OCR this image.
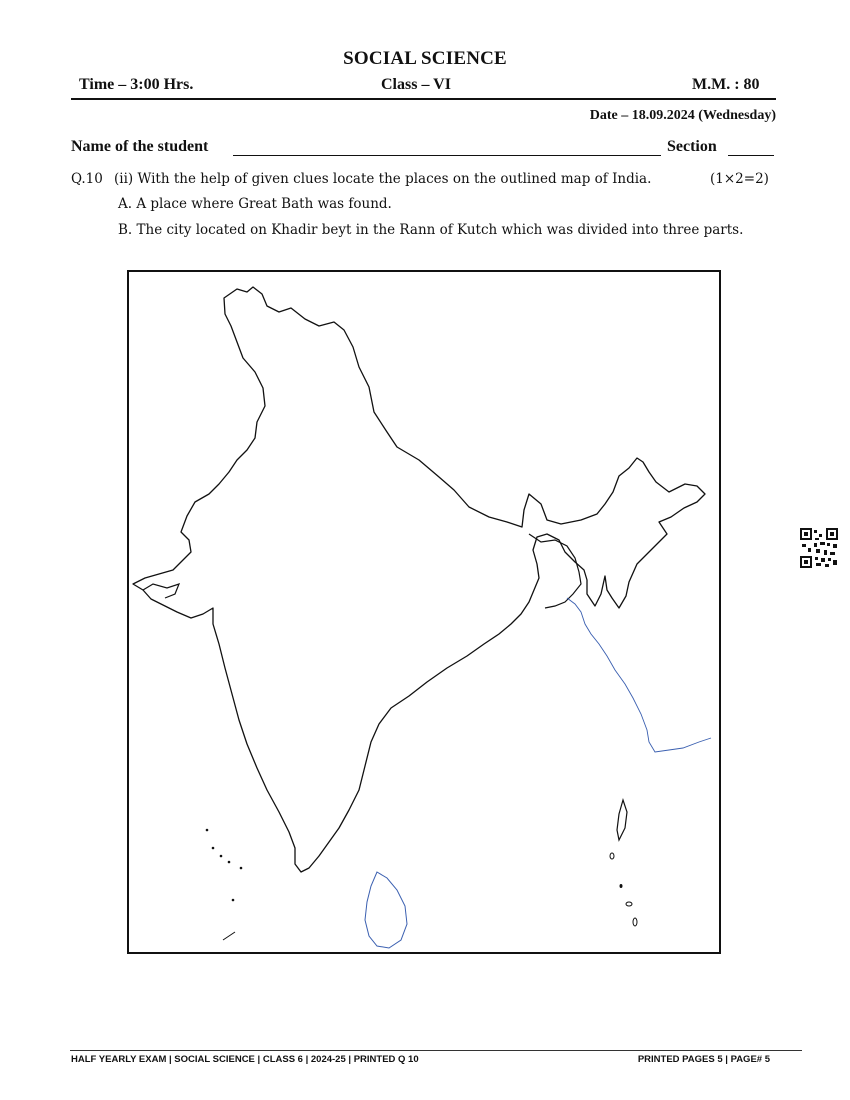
SOCIAL SCIENCE
Time – 3:00 Hrs.	Class – VI	M.M. : 80
Date – 18.09.2024 (Wednesday)
Name of the student	Section
Q.10 (ii) With the help of given clues locate the places on the outlined map of India.	(1×2=2)
A. A place where Great Bath was found.
B. The city located on Khadir beyt in the Rann of Kutch which was divided into three parts.
HALF YEARLY EXAM | SOCIAL SCIENCE | CLASS 6 | 2024-25 | PRINTED Q 10	PRINTED PAGES 5 | PAGE# 5
